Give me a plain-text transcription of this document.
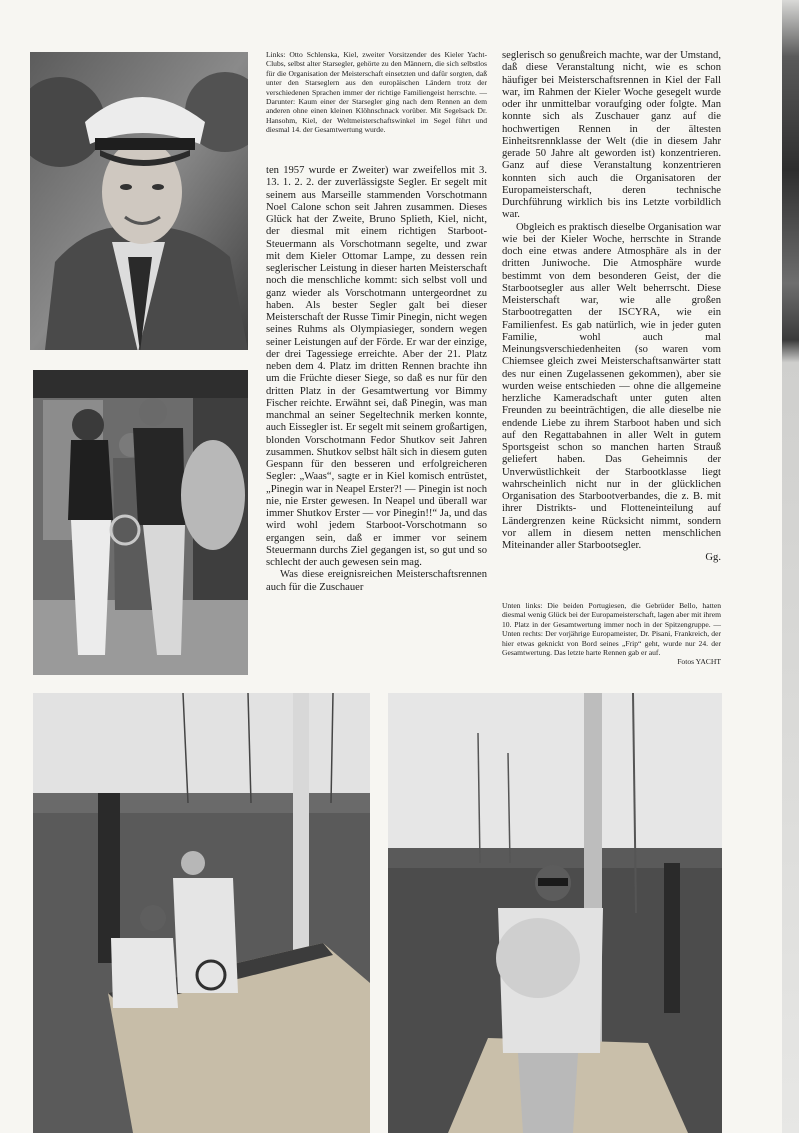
Links: Otto Schlenska, Kiel, zweiter Vorsitzender des Kieler Yacht-Clubs, selbst alter Starsegler, gehörte zu den Männern, die sich selbstlos für die Organisation der Meisterschaft einsetzten und dafür sorgten, daß unter den Starseglern aus den europäischen Ländern trotz der verschiedenen Sprachen immer der richtige Familiengeist herrschte. — Darunter: Kaum einer der Starsegler ging nach dem Rennen an dem anderen ohne einen kleinen Klöhnschnack vorüber. Mit Segelsack Dr. Hansohm, Kiel, der Weltmeisterschaftswinkel im Segel führt und diesmal 14. der Gesamtwertung wurde.

ten 1957 wurde er Zweiter) war zweifellos mit 3. 13. 1. 2. 2. der zuverlässigste Segler. Er segelt mit seinem aus Marseille stammenden Vorschotmann Noel Calone schon seit Jahren zusammen. Dieses Glück hat der Zweite, Bruno Splieth, Kiel, nicht, der diesmal mit einem richtigen Starboot-Steuermann als Vorschotmann segelte, und zwar mit dem Kieler Ottomar Lampe, zu dessen rein seglerischer Leistung in dieser harten Meisterschaft noch die menschliche kommt: sich selbst voll und ganz wieder als Vorschotmann untergeordnet zu haben. Als bester Segler galt bei dieser Meisterschaft der Russe Timir Pinegin, nicht wegen seines Ruhms als Olympiasieger, sondern wegen seiner Leistungen auf der Förde. Er war der einzige, der drei Tagessiege erreichte. Aber der 21. Platz neben dem 4. Platz im dritten Rennen brachte ihn um die Früchte dieser Siege, so daß es nur für den dritten Platz in der Gesamtwertung vor Bimmy Fischer reichte. Erwähnt sei, daß Pinegin, was man manchmal an seiner Segeltechnik merken konnte, auch Eissegler ist. Er segelt mit seinem großartigen, blonden Vorschotmann Fedor Shutkov seit Jahren zusammen. Shutkov selbst hält sich in diesem guten Gespann für den besseren und erfolgreicheren Segler: „Waas“, sagte er in Kiel komisch entrüstet, „Pinegin war in Neapel Erster?! — Pinegin ist noch nie, nie Erster gewesen. In Neapel und überall war immer Shutkov Erster — vor Pinegin!!“ Ja, und das wird wohl jedem Starboot-Vorschotmann so ergangen sein, daß er immer vor seinem Steuermann durchs Ziel gegangen ist, so gut und so schlecht der auch gewesen sein mag.

Was diese ereignisreichen Meisterschaftsrennen auch für die Zuschauer

seglerisch so genußreich machte, war der Umstand, daß diese Veranstaltung nicht, wie es schon häufiger bei Meisterschaftsrennen in Kiel der Fall war, im Rahmen der Kieler Woche gesegelt wurde oder ihr unmittelbar voraufging oder folgte. Man konnte sich als Zuschauer ganz auf die hochwertigen Rennen in der ältesten Einheitsrennklasse der Welt (die in diesem Jahr gerade 50 Jahre alt geworden ist) konzentrieren. Ganz auf diese Veranstaltung konzentrieren konnten sich auch die Organisatoren der Europameisterschaft, deren technische Durchführung wirklich bis ins Letzte vorbildlich war.

Obgleich es praktisch dieselbe Organisation war wie bei der Kieler Woche, herrschte in Strande doch eine etwas andere Atmosphäre als in der dritten Juniwoche. Die Atmosphäre wurde bestimmt von dem besonderen Geist, der die Starbootsegler aus aller Welt beherrscht. Diese Meisterschaft war, wie alle großen Starbootregatten der ISCYRA, wie ein Familienfest. Es gab natürlich, wie in jeder guten Familie, wohl auch mal Meinungsverschiedenheiten (so waren vom Chiemsee gleich zwei Meisterschaftsanwärter statt des nur einen Zugelassenen gekommen), aber sie wurden weise entschieden — ohne die allgemeine herzliche Kameradschaft unter guten alten Freunden zu beeinträchtigen, die alle dieselbe nie endende Liebe zu ihrem Starboot haben und sich auf den Regattabahnen in aller Welt in gutem Sportsgeist schon so manchen harten Strauß geliefert haben. Das Geheimnis der Unverwüstlichkeit der Starbootklasse liegt wahrscheinlich nicht nur in der glücklichen Organisation des Starbootverbandes, die z. B. mit ihrer Distrikts- und Flotteneinteilung auf Ländergrenzen keine Rücksicht nimmt, sondern vor allem in diesem netten menschlichen Miteinander aller Starbootsegler.

Gg.

Unten links: Die beiden Portugiesen, die Gebrüder Bello, hatten diesmal wenig Glück bei der Europameisterschaft, lagen aber mit ihrem 10. Platz in der Gesamtwertung immer noch in der Spitzengruppe. — Unten rechts: Der vorjährige Europameister, Dr. Pisani, Frankreich, der hier etwas geknickt von Bord seines „Frip“ geht, wurde nur 24. der Gesamtwertung. Das letzte harte Rennen gab er auf.

Fotos YACHT
